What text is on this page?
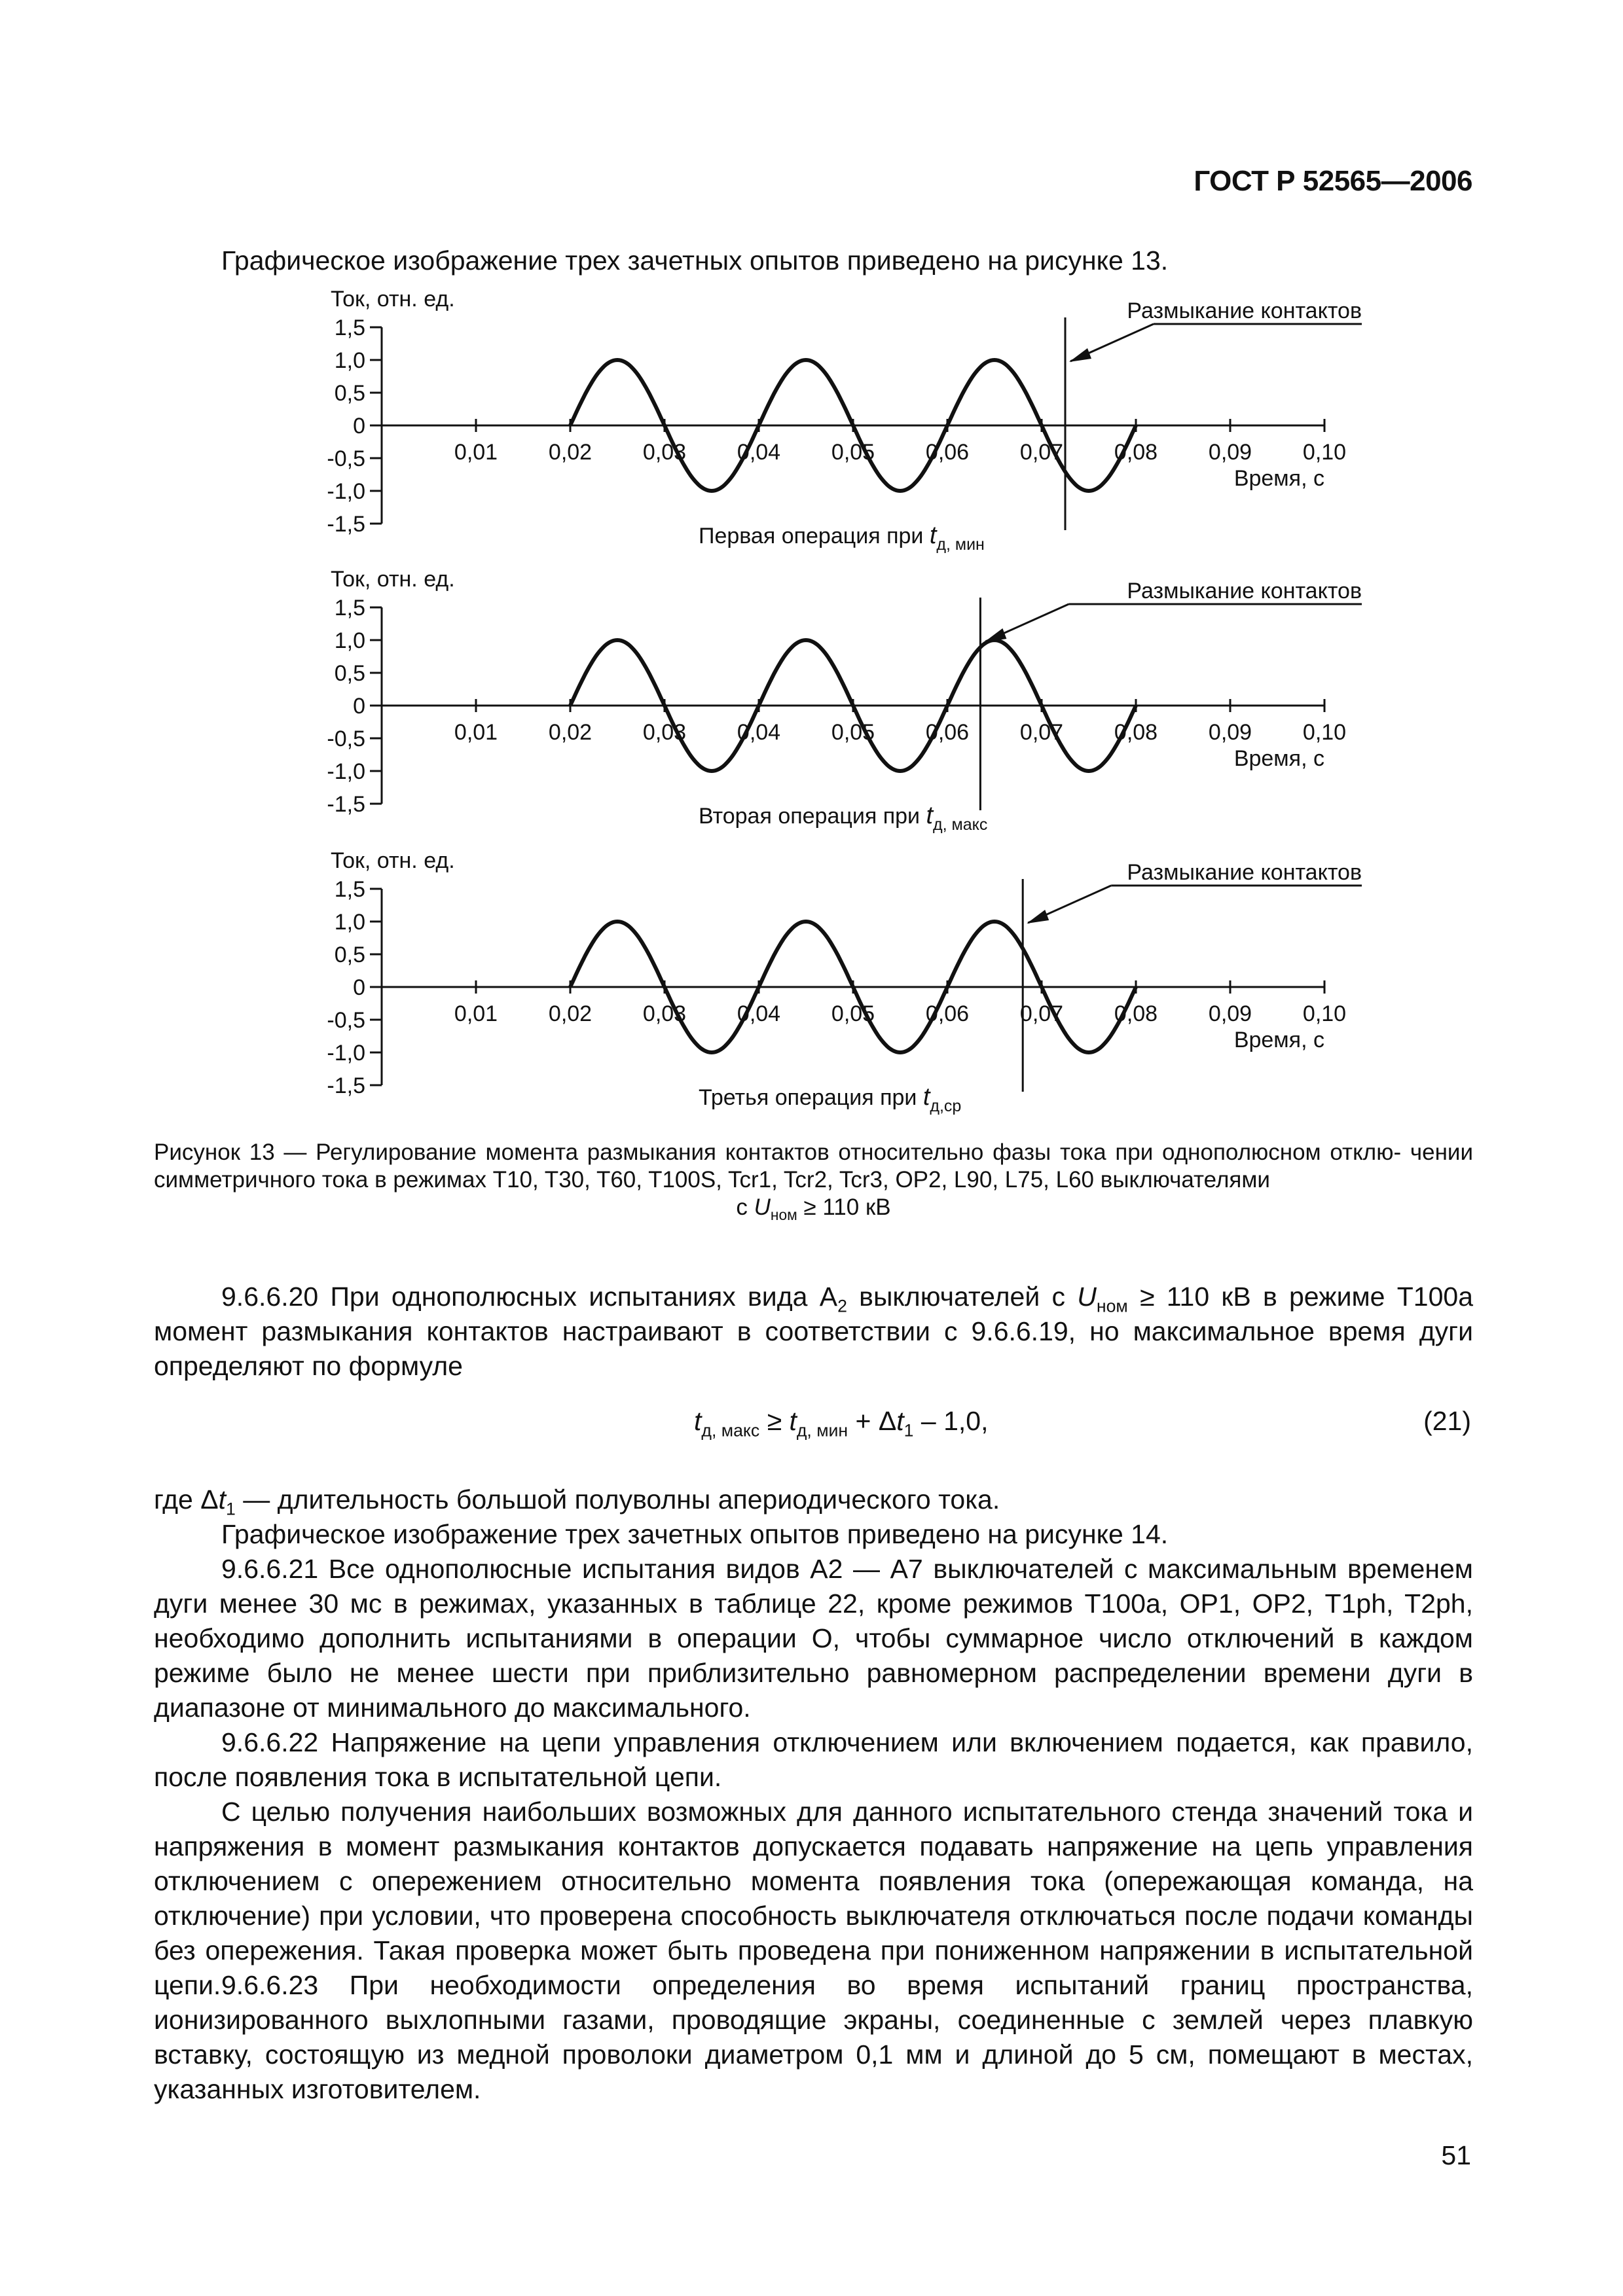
ГОСТ Р 52565—2006
Графическое изображение трех зачетных опытов приведено на рисунке 13.
Ток, отн. ед.
1,5
1,0
0,5
0
-0,5
-1,0
-1,5
0,01 0,02 0,03 0,04 0,05 0,06 0,07 0,08 0,09 0,10
Время, с
Размыкание контактов
Первая операция при $t_{д, мин}$
Ток, отн. ед.
1,5
1,0
0,5
0
-0,5
-1,0
-1,5
0,01 0,02 0,03 0,04 0,05 0,06 0,07 0,08 0,09 0,10
Время, с
Размыкание контактов
Вторая операция при $t_{д, макс}$
Ток, отн. ед.
1,5
1,0
0,5
0
-0,5
-1,0
-1,5
0,01 0,02 0,03 0,04 0,05 0,06 0,07 0,08 0,09 0,10
Время, с
Размыкание контактов
Третья операция при $t_{д,ср}$
Рисунок 13 — Регулирование момента размыкания контактов относительно фазы тока при однополюсном отклю- чении симметричного тока в режимах T10, T30, T60, T100S, Tcr1, Tcr2, Tcr3, OP2, L90, L75, L60 выключателями
с $U_{ном} \ge 110$ кВ
9.6.6.20 При однополюсных испытаниях вида $А_2$ выключателей с $U_{ном} \ge 110$ кВ в режиме Т100а момент размыкания контактов настраивают в соответствии с 9.6.6.19, но максимальное время дуги определяют по формуле
$t_{д, макс} \ge t_{д, мин} + \Delta t_1 - 1,0$,	(21)
где $\Delta t_1$ — длительность большой полуволны апериодического тока.
Графическое изображение трех зачетных опытов приведено на рисунке 14.
9.6.6.21 Все однополюсные испытания видов А2 — А7 выключателей с максимальным временем дуги менее 30 мс в режимах, указанных в таблице 22, кроме режимов Т100а, ОР1, ОР2, T1ph, T2ph, необходимо дополнить испытаниями в операции О, чтобы суммарное число отключений в каждом режиме было не менее шести при приблизительно равномерном распределении времени дуги в диапазоне от минимального до максимального.
9.6.6.22 Напряжение на цепи управления отключением или включением подается, как правило, после появления тока в испытательной цепи.
С целью получения наибольших возможных для данного испытательного стенда значений тока и напряжения в момент размыкания контактов допускается подавать напряжение на цепь управления отключением с опережением относительно момента появления тока (опережающая команда, на отключение) при условии, что проверена способность выключателя отключаться после подачи команды без опережения. Такая проверка может быть проведена при пониженном напряжении в испытательной цепи. 9.6.6.23 При необходимости определения во время испытаний границ пространства, ионизированного выхлопными газами, проводящие экраны, соединенные с землей через плавкую вставку, состоящую из медной проволоки диаметром 0,1 мм и длиной до 5 см, помещают в местах, указанных изготовителем.
51
